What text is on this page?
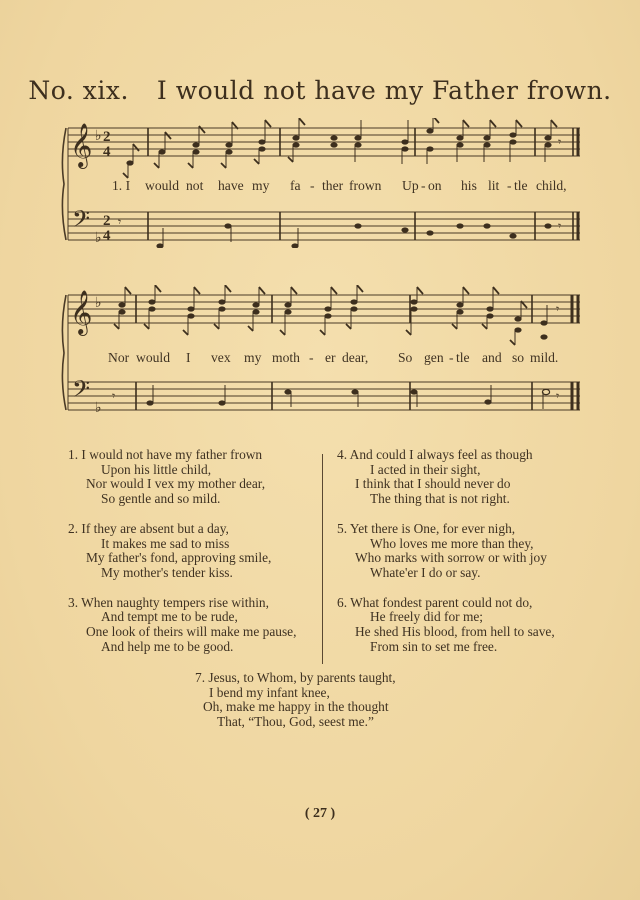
No. xix. I would not have my Father frown.
𝄞
𝄢
♭
♭
2
4
2
4
𝄾
𝄾	𝄾
1. I would not have my fa - ther frown Up - on his lit - tle child,
𝄞
𝄢
♭
♭
𝄾
𝄾	𝄾
Nor would I vex my moth - er dear, So gen - tle and so mild.
1. I would not have my father frown
Upon his little child,
Nor would I vex my mother dear,
So gentle and so mild.
2. If they are absent but a day,
It makes me sad to miss
My father's fond, approving smile,
My mother's tender kiss.
3. When naughty tempers rise within,
And tempt me to be rude,
One look of theirs will make me pause,
And help me to be good.
4. And could I always feel as though
I acted in their sight,
I think that I should never do
The thing that is not right.
5. Yet there is One, for ever nigh,
Who loves me more than they,
Who marks with sorrow or with joy
Whate'er I do or say.
6. What fondest parent could not do,
He freely did for me;
He shed His blood, from hell to save,
From sin to set me free.
7. Jesus, to Whom, by parents taught,
I bend my infant knee,
Oh, make me happy in the thought
That, “Thou, God, seest me.”
( 27 )
